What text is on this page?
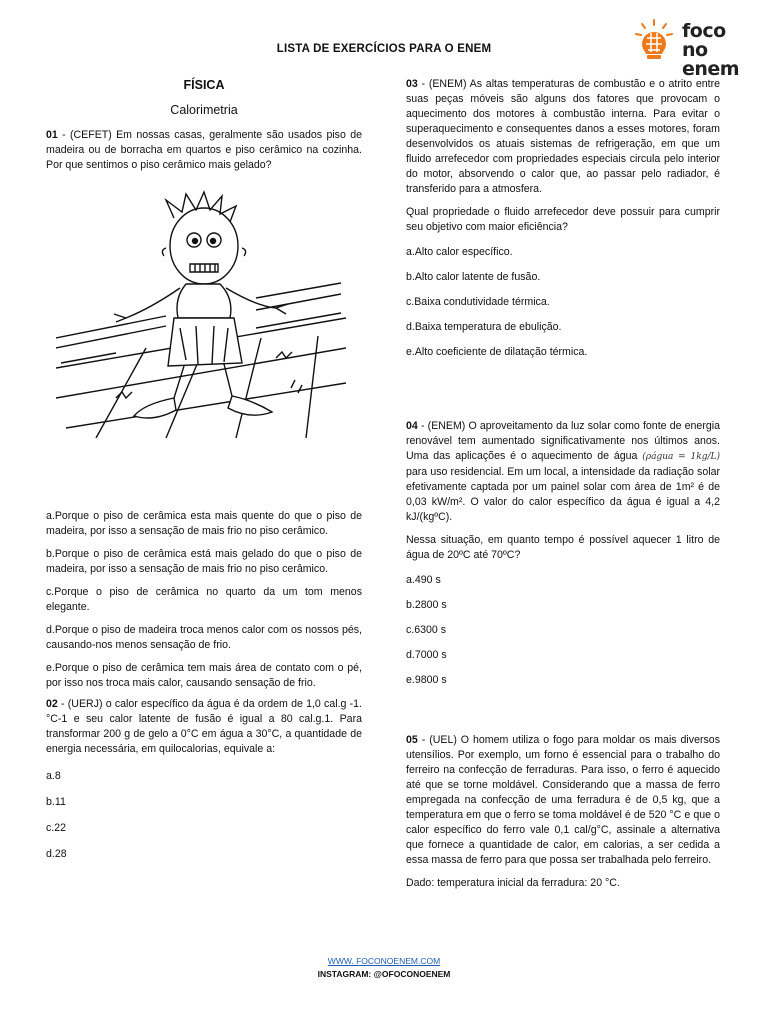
foco
no enem
LISTA DE EXERCÍCIOS PARA O ENEM
FÍSICA
Calorimetria

01 - (CEFET) Em nossas casas, geralmente são usados piso de madeira ou de borracha em quartos e piso cerâmico na cozinha. Por que sentimos o piso cerâmico mais gelado?

a.Porque o piso de cerâmica esta mais quente do que o piso de madeira, por isso a sensação de mais frio no piso cerâmico.

b.Porque o piso de cerâmica está mais gelado do que o piso de madeira, por isso a sensação de mais frio no piso cerâmico.

c.Porque o piso de cerâmica no quarto da um tom menos elegante.

d.Porque o piso de madeira troca menos calor com os nossos pés, causando-nos menos sensação de frio.

e.Porque o piso de cerâmica tem mais área de contato com o pé, por isso nos troca mais calor, causando sensação de frio.

02 - (UERJ) o calor específico da água é da ordem de 1,0 cal.g -1.°C-1 e seu calor latente de fusão é igual a 80 cal.g.1. Para transformar 200 g de gelo a 0°C em água a 30°C, a quantidade de energia necessária, em quilocalorias, equivale a:

a.8

b.11

c.22

d.28

03 - (ENEM) As altas temperaturas de combustão e o atrito entre suas peças móveis são alguns dos fatores que provocam o aquecimento dos motores à combustão interna. Para evitar o superaquecimento e consequentes danos a esses motores, foram desenvolvidos os atuais sistemas de refrigeração, em que um fluido arrefecedor com propriedades especiais circula pelo interior do motor, absorvendo o calor que, ao passar pelo radiador, é transferido para a atmosfera.

Qual propriedade o fluido arrefecedor deve possuir para cumprir seu objetivo com maior eficiência?

a.Alto calor específico.

b.Alto calor latente de fusão.

c.Baixa condutividade térmica.

d.Baixa temperatura de ebulição.

e.Alto coeficiente de dilatação térmica.

04 - (ENEM) O aproveitamento da luz solar como fonte de energia renovável tem aumentado significativamente nos últimos anos. Uma das aplicações é o aquecimento de água (ρágua = 1kg/L) para uso residencial. Em um local, a intensidade da radiação solar efetivamente captada por um painel solar com área de 1m² é de 0,03 kW/m². O valor do calor específico da água é igual a 4,2 kJ/(kgºC).

Nessa situação, em quanto tempo é possível aquecer 1 litro de água de 20ºC até 70ºC?

a.490 s

b.2800 s

c.6300 s

d.7000 s

e.9800 s

05 - (UEL) O homem utiliza o fogo para moldar os mais diversos utensílios. Por exemplo, um forno é essencial para o trabalho do ferreiro na confecção de ferraduras. Para isso, o ferro é aquecido até que se torne moldável. Considerando que a massa de ferro empregada na confecção de uma ferradura é de 0,5 kg, que a temperatura em que o ferro se toma moldável é de 520 °C e que o calor específico do ferro vale 0,1 cal/g°C, assinale a alternativa que fornece a quantidade de calor, em calorias, a ser cedida a essa massa de ferro para que possa ser trabalhada pelo ferreiro.

Dado: temperatura inicial da ferradura: 20 °C.

WWW. FOCONOENEM.COM
INSTAGRAM: @OFOCONOENEM
